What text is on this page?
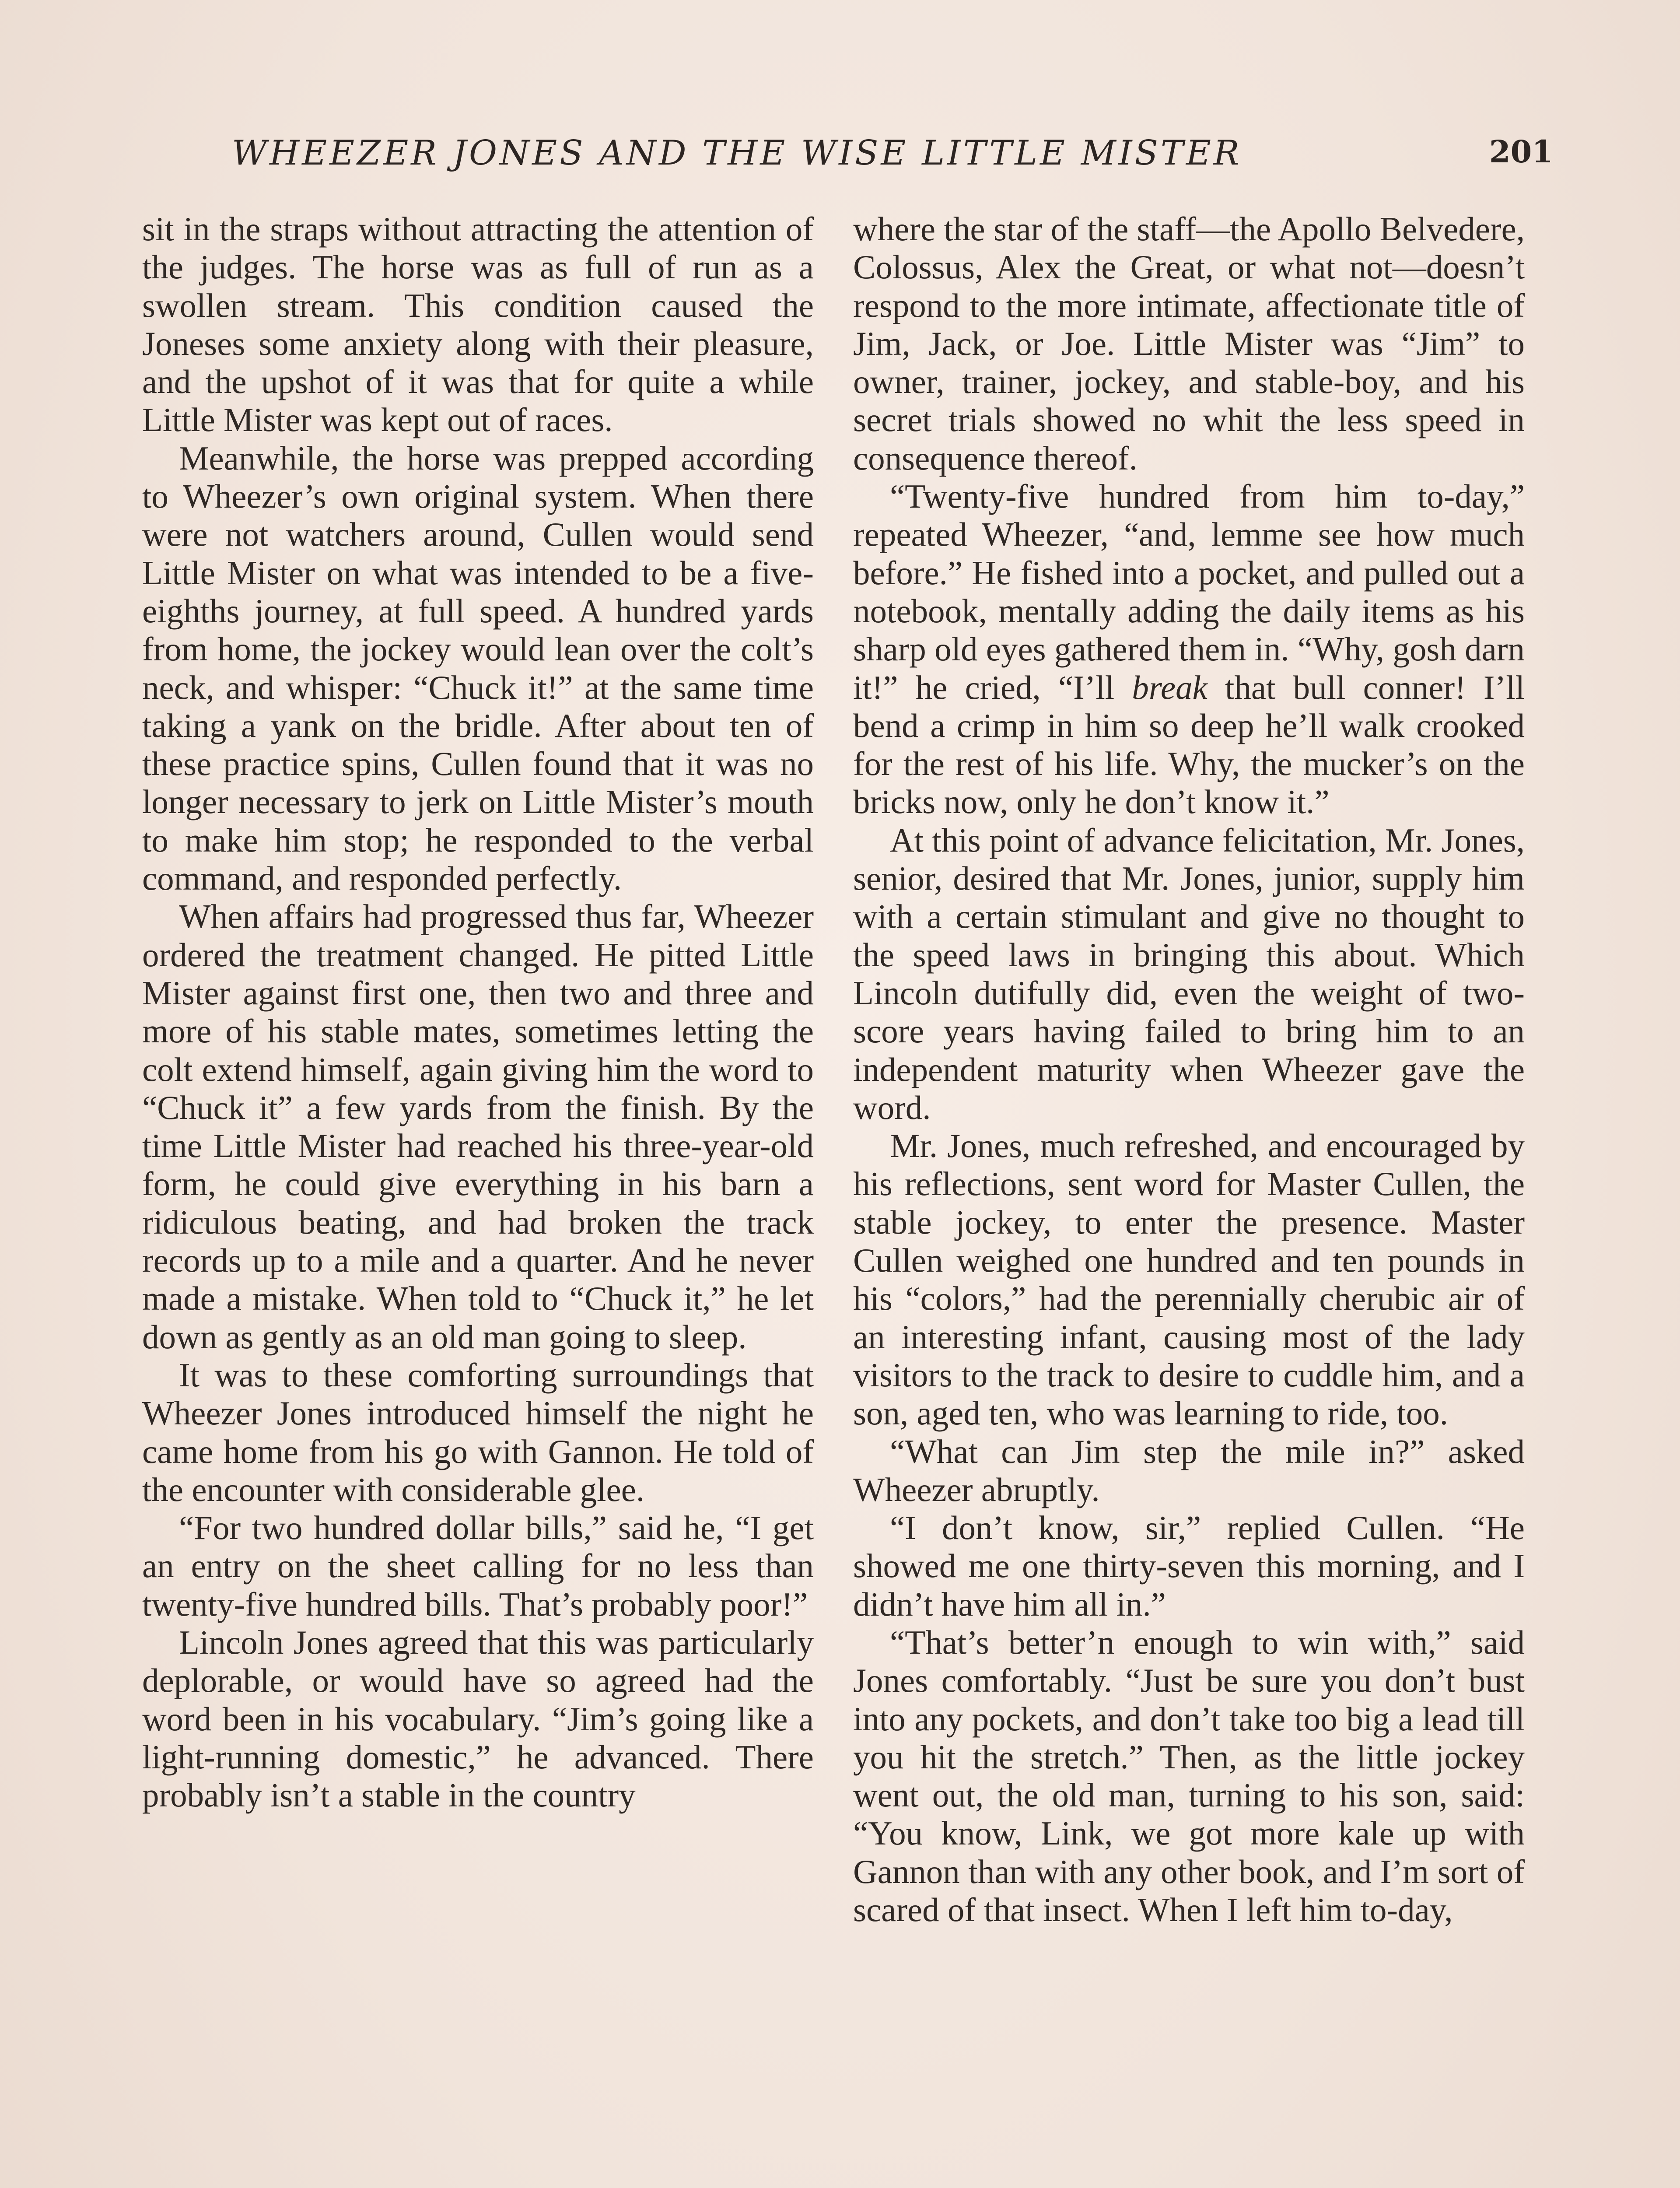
WHEEZER JONES AND THE WISE LITTLE MISTER	201

sit in the straps without attracting the attention of the judges. The horse was as full of run as a swollen stream. This condition caused the Joneses some anxiety along with their pleasure, and the upshot of it was that for quite a while Little Mister was kept out of races.

Meanwhile, the horse was prepped according to Wheezer’s own original system. When there were not watchers around, Cullen would send Little Mister on what was intended to be a five-eighths journey, at full speed. A hundred yards from home, the jockey would lean over the colt’s neck, and whisper: “Chuck it!” at the same time taking a yank on the bridle. After about ten of these practice spins, Cullen found that it was no longer necessary to jerk on Little Mister’s mouth to make him stop; he responded to the verbal command, and responded perfectly.

When affairs had progressed thus far, Wheezer ordered the treatment changed. He pitted Little Mister against first one, then two and three and more of his stable mates, sometimes letting the colt extend himself, again giving him the word to “Chuck it” a few yards from the finish. By the time Little Mister had reached his three-year-old form, he could give everything in his barn a ridiculous beating, and had broken the track records up to a mile and a quarter. And he never made a mistake. When told to “Chuck it,” he let down as gently as an old man going to sleep.

It was to these comforting surroundings that Wheezer Jones introduced himself the night he came home from his go with Gannon. He told of the encounter with considerable glee.

“For two hundred dollar bills,” said he, “I get an entry on the sheet calling for no less than twenty-five hundred bills. That’s probably poor!”

Lincoln Jones agreed that this was particularly deplorable, or would have so agreed had the word been in his vocabulary. “Jim’s going like a light-running domestic,” he advanced. There probably isn’t a stable in the country

where the star of the staff—the Apollo Belvedere, Colossus, Alex the Great, or what not—doesn’t respond to the more intimate, affectionate title of Jim, Jack, or Joe. Little Mister was “Jim” to owner, trainer, jockey, and stable-boy, and his secret trials showed no whit the less speed in consequence thereof.

“Twenty-five hundred from him to-day,” repeated Wheezer, “and, lemme see how much before.” He fished into a pocket, and pulled out a notebook, mentally adding the daily items as his sharp old eyes gathered them in. “Why, gosh darn it!” he cried, “I’ll break that bull conner! I’ll bend a crimp in him so deep he’ll walk crooked for the rest of his life. Why, the mucker’s on the bricks now, only he don’t know it.”

At this point of advance felicitation, Mr. Jones, senior, desired that Mr. Jones, junior, supply him with a certain stimulant and give no thought to the speed laws in bringing this about. Which Lincoln dutifully did, even the weight of two-score years having failed to bring him to an independent maturity when Wheezer gave the word.

Mr. Jones, much refreshed, and encouraged by his reflections, sent word for Master Cullen, the stable jockey, to enter the presence. Master Cullen weighed one hundred and ten pounds in his “colors,” had the perennially cherubic air of an interesting infant, causing most of the lady visitors to the track to desire to cuddle him, and a son, aged ten, who was learning to ride, too.

“What can Jim step the mile in?” asked Wheezer abruptly.

“I don’t know, sir,” replied Cullen. “He showed me one thirty-seven this morning, and I didn’t have him all in.”

“That’s better’n enough to win with,” said Jones comfortably. “Just be sure you don’t bust into any pockets, and don’t take too big a lead till you hit the stretch.” Then, as the little jockey went out, the old man, turning to his son, said: “You know, Link, we got more kale up with Gannon than with any other book, and I’m sort of scared of that insect. When I left him to-day,
